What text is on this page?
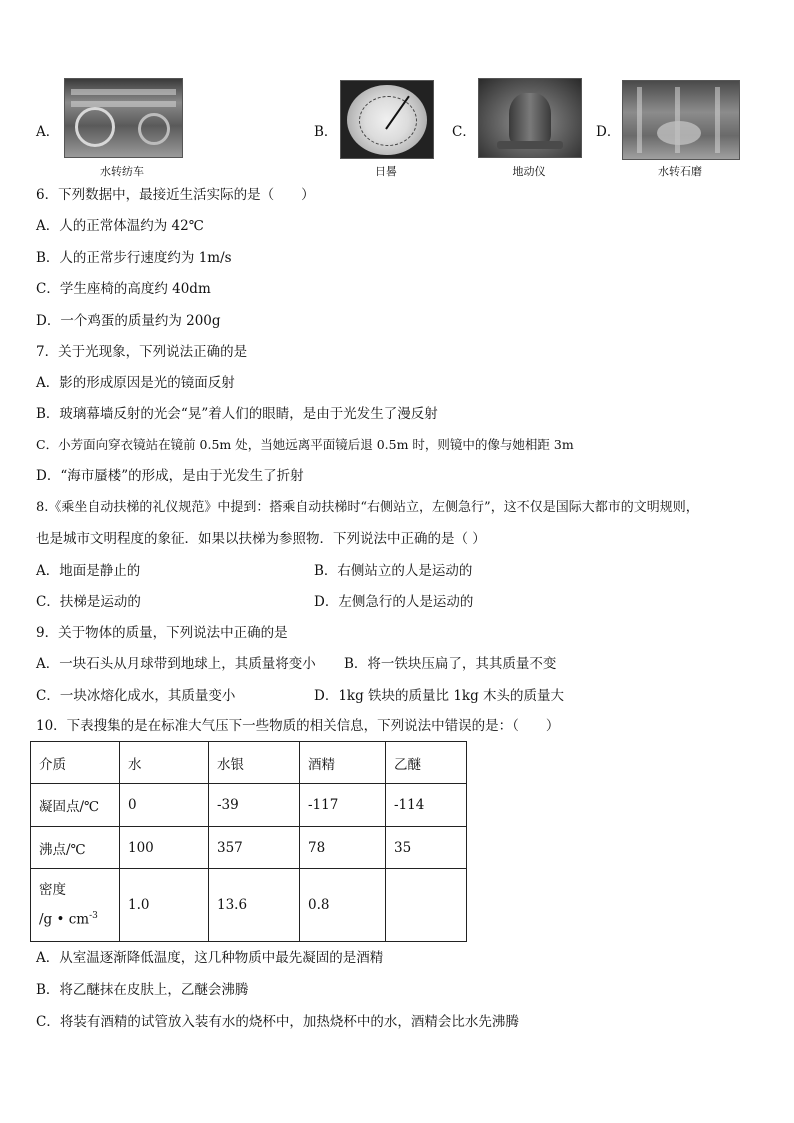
A．
水转纺车
B．
日晷
C．
地动仪
D．
水转石磨
6．下列数据中，最接近生活实际的是（　　）
A．人的正常体温约为 42℃
B．人的正常步行速度约为 1m/s
C．学生座椅的高度约 40dm
D．一个鸡蛋的质量约为 200g
7．关于光现象，下列说法正确的是
A．影的形成原因是光的镜面反射
B．玻璃幕墙反射的光会“晃”着人们的眼睛，是由于光发生了漫反射
C．小芳面向穿衣镜站在镜前 0.5m 处，当她远离平面镜后退 0.5m 时，则镜中的像与她相距 3m
D．“海市蜃楼”的形成，是由于光发生了折射
8.《乘坐自动扶梯的礼仪规范》中提到：搭乘自动扶梯时“右侧站立，左侧急行”，这不仅是国际大都市的文明规则，
也是城市文明程度的象征．如果以扶梯为参照物．下列说法中正确的是（ ）
A．地面是静止的	B．右侧站立的人是运动的
C．扶梯是运动的	D．左侧急行的人是运动的
9．关于物体的质量，下列说法中正确的是
A．一块石头从月球带到地球上，其质量将变小 B．将一铁块压扁了，其其质量不变
C．一块冰熔化成水，其质量变小	D．1kg 铁块的质量比 1kg 木头的质量大
10．下表搜集的是在标准大气压下一些物质的相关信息，下列说法中错误的是：（　　）
介质	水	水银	酒精	乙醚
凝固点/℃	0	-39	-117	-114
沸点/℃	100	357	78	35
密度
/g • $cm^{-3}$	1.0	13.6	0.8	
A．从室温逐渐降低温度，这几种物质中最先凝固的是酒精
B．将乙醚抹在皮肤上，乙醚会沸腾
C．将装有酒精的试管放入装有水的烧杯中，加热烧杯中的水，酒精会比水先沸腾
